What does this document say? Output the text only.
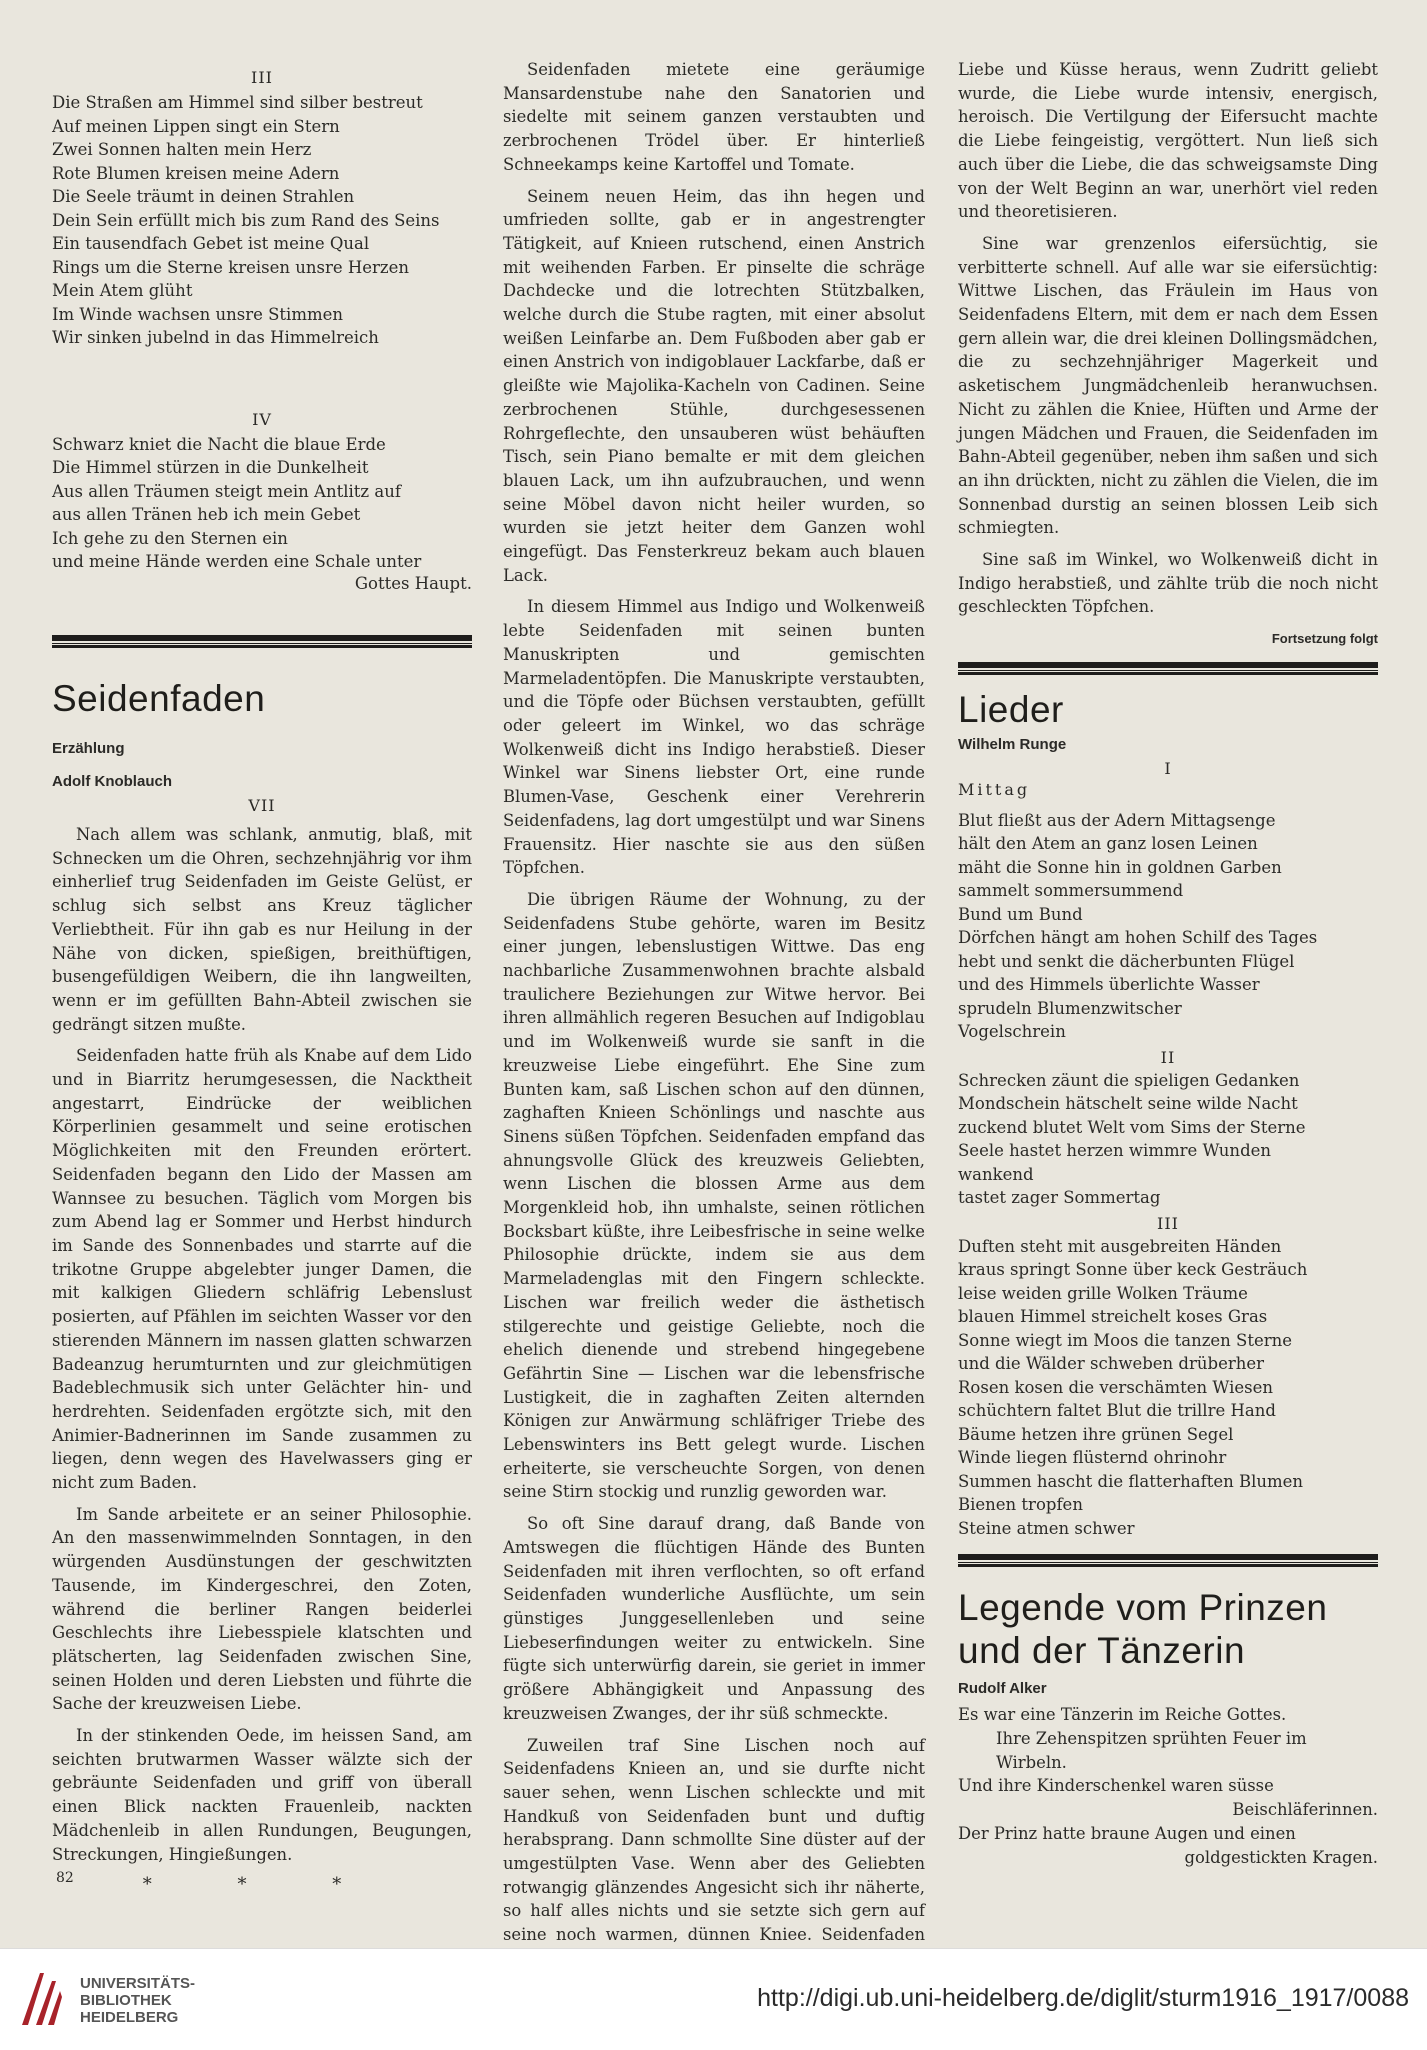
III
Die Straßen am Himmel sind silber bestreut
Auf meinen Lippen singt ein Stern
Zwei Sonnen halten mein Herz
Rote Blumen kreisen meine Adern
Die Seele träumt in deinen Strahlen
Dein Sein erfüllt mich bis zum Rand des Seins
Ein tausendfach Gebet ist meine Qual
Rings um die Sterne kreisen unsre Herzen
Mein Atem glüht
Im Winde wachsen unsre Stimmen
Wir sinken jubelnd in das Himmelreich
IV
Schwarz kniet die Nacht die blaue Erde
Die Himmel stürzen in die Dunkelheit
Aus allen Träumen steigt mein Antlitz auf
aus allen Tränen heb ich mein Gebet
Ich gehe zu den Sternen ein
und meine Hände werden eine Schale unter
Gottes Haupt.
Seidenfaden
Erzählung
Adolf Knoblauch
VII

Nach allem was schlank, anmutig, blaß, mit Schnecken um die Ohren, sechzehnjährig vor ihm einherlief trug Seidenfaden im Geiste Gelüst, er schlug sich selbst ans Kreuz täglicher Verliebtheit. Für ihn gab es nur Heilung in der Nähe von dicken, spießigen, breithüftigen, busengefüldigen Weibern, die ihn langweilten, wenn er im gefüllten Bahn-Abteil zwischen sie gedrängt sitzen mußte.

Seidenfaden hatte früh als Knabe auf dem Lido und in Biarritz herumgesessen, die Nacktheit angestarrt, Eindrücke der weiblichen Körperlinien gesammelt und seine erotischen Möglichkeiten mit den Freunden erörtert. Seidenfaden begann den Lido der Massen am Wannsee zu besuchen. Täglich vom Morgen bis zum Abend lag er Sommer und Herbst hindurch im Sande des Sonnenbades und starrte auf die trikotne Gruppe abgelebter junger Damen, die mit kalkigen Gliedern schläfrig Lebenslust posierten, auf Pfählen im seichten Wasser vor den stierenden Männern im nassen glatten schwarzen Badeanzug herumturnten und zur gleichmütigen Badeblechmusik sich unter Gelächter hin- und herdrehten. Seidenfaden ergötzte sich, mit den Animier-Badnerinnen im Sande zusammen zu liegen, denn wegen des Havelwassers ging er nicht zum Baden.

Im Sande arbeitete er an seiner Philosophie. An den massenwimmelnden Sonntagen, in den würgenden Ausdünstungen der geschwitzten Tausende, im Kindergeschrei, den Zoten, während die berliner Rangen beiderlei Geschlechts ihre Liebesspiele klatschten und plätscherten, lag Seidenfaden zwischen Sine, seinen Holden und deren Liebsten und führte die Sache der kreuzweisen Liebe.

In der stinkenden Oede, im heissen Sand, am seichten brutwarmen Wasser wälzte sich der gebräunte Seidenfaden und griff von überall einen Blick nackten Frauenleib, nackten Mädchenleib in allen Rundungen, Beugungen, Streckungen, Hingießungen.

* * *

Seidenfaden mietete eine geräumige Mansardenstube nahe den Sanatorien und siedelte mit seinem ganzen verstaubten und zerbrochenen Trödel über. Er hinterließ Schneekamps keine Kartoffel und Tomate.

Seinem neuen Heim, das ihn hegen und umfrieden sollte, gab er in angestrengter Tätigkeit, auf Knieen rutschend, einen Anstrich mit weihenden Farben. Er pinselte die schräge Dachdecke und die lotrechten Stützbalken, welche durch die Stube ragten, mit einer absolut weißen Leinfarbe an. Dem Fußboden aber gab er einen Anstrich von indigoblauer Lackfarbe, daß er gleißte wie Majolika-Kacheln von Cadinen. Seine zerbrochenen Stühle, durchgesessenen Rohrgeflechte, den unsauberen wüst behäuften Tisch, sein Piano bemalte er mit dem gleichen blauen Lack, um ihn aufzubrauchen, und wenn seine Möbel davon nicht heiler wurden, so wurden sie jetzt heiter dem Ganzen wohl eingefügt. Das Fensterkreuz bekam auch blauen Lack.

In diesem Himmel aus Indigo und Wolkenweiß lebte Seidenfaden mit seinen bunten Manuskripten und gemischten Marmeladentöpfen. Die Manuskripte verstaubten, und die Töpfe oder Büchsen verstaubten, gefüllt oder geleert im Winkel, wo das schräge Wolkenweiß dicht ins Indigo herabstieß. Dieser Winkel war Sinens liebster Ort, eine runde Blumen-Vase, Geschenk einer Verehrerin Seidenfadens, lag dort umgestülpt und war Sinens Frauensitz. Hier naschte sie aus den süßen Töpfchen.

Die übrigen Räume der Wohnung, zu der Seidenfadens Stube gehörte, waren im Besitz einer jungen, lebenslustigen Wittwe. Das eng nachbarliche Zusammenwohnen brachte alsbald traulichere Beziehungen zur Witwe hervor. Bei ihren allmählich regeren Besuchen auf Indigoblau und im Wolkenweiß wurde sie sanft in die kreuzweise Liebe eingeführt. Ehe Sine zum Bunten kam, saß Lischen schon auf den dünnen, zaghaften Knieen Schönlings und naschte aus Sinens süßen Töpfchen. Seidenfaden empfand das ahnungsvolle Glück des kreuzweis Geliebten, wenn Lischen die blossen Arme aus dem Morgenkleid hob, ihn umhalste, seinen rötlichen Bocksbart küßte, ihre Leibesfrische in seine welke Philosophie drückte, indem sie aus dem Marmeladenglas mit den Fingern schleckte. Lischen war freilich weder die ästhetisch stilgerechte und geistige Geliebte, noch die ehelich dienende und strebend hingegebene Gefährtin Sine — Lischen war die lebensfrische Lustigkeit, die in zaghaften Zeiten alternden Königen zur Anwärmung schläfriger Triebe des Lebenswinters ins Bett gelegt wurde. Lischen erheiterte, sie verscheuchte Sorgen, von denen seine Stirn stockig und runzlig geworden war.

So oft Sine darauf drang, daß Bande von Amtswegen die flüchtigen Hände des Bunten Seidenfaden mit ihren verflochten, so oft erfand Seidenfaden wunderliche Ausflüchte, um sein günstiges Junggesellenleben und seine Liebeserfindungen weiter zu entwickeln. Sine fügte sich unterwürfig darein, sie geriet in immer größere Abhängigkeit und Anpassung des kreuzweisen Zwanges, der ihr süß schmeckte.

Zuweilen traf Sine Lischen noch auf Seidenfadens Knieen an, und sie durfte nicht sauer sehen, wenn Lischen schleckte und mit Handkuß von Seidenfaden bunt und duftig herabsprang. Dann schmollte Sine düster auf der umgestülpten Vase. Wenn aber des Geliebten rotwangig glänzendes Angesicht sich ihr näherte, so half alles nichts und sie setzte sich gern auf seine noch warmen, dünnen Kniee. Seidenfaden

Liebe und Küsse heraus, wenn Zudritt geliebt wurde, die Liebe wurde intensiv, energisch, heroisch. Die Vertilgung der Eifersucht machte die Liebe feingeistig, vergöttert. Nun ließ sich auch über die Liebe, die das schweigsamste Ding von der Welt Beginn an war, unerhört viel reden und theoretisieren.

Sine war grenzenlos eifersüchtig, sie verbitterte schnell. Auf alle war sie eifersüchtig: Wittwe Lischen, das Fräulein im Haus von Seidenfadens Eltern, mit dem er nach dem Essen gern allein war, die drei kleinen Dollingsmädchen, die zu sechzehnjähriger Magerkeit und asketischem Jungmädchenleib heranwuchsen. Nicht zu zählen die Kniee, Hüften und Arme der jungen Mädchen und Frauen, die Seidenfaden im Bahn-Abteil gegenüber, neben ihm saßen und sich an ihn drückten, nicht zu zählen die Vielen, die im Sonnenbad durstig an seinen blossen Leib sich schmiegten.

Sine saß im Winkel, wo Wolkenweiß dicht in Indigo herabstieß, und zählte trüb die noch nicht geschleckten Töpfchen.

Fortsetzung folgt
Lieder
Wilhelm Runge
I
Mittag
Blut fließt aus der Adern Mittagsenge
hält den Atem an ganz losen Leinen
mäht die Sonne hin in goldnen Garben
sammelt sommersummend
Bund um Bund
Dörfchen hängt am hohen Schilf des Tages
hebt und senkt die dächerbunten Flügel
und des Himmels überlichte Wasser
sprudeln Blumenzwitscher
Vogelschrein
II
Schrecken zäunt die spieligen Gedanken
Mondschein hätschelt seine wilde Nacht
zuckend blutet Welt vom Sims der Sterne
Seele hastet herzen wimmre Wunden
wankend
tastet zager Sommertag
III
Duften steht mit ausgebreiten Händen
kraus springt Sonne über keck Gesträuch
leise weiden grille Wolken Träume
blauen Himmel streichelt koses Gras
Sonne wiegt im Moos die tanzen Sterne
und die Wälder schweben drüberher
Rosen kosen die verschämten Wiesen
schüchtern faltet Blut die trillre Hand
Bäume hetzen ihre grünen Segel
Winde liegen flüsternd ohrinohr
Summen hascht die flatterhaften Blumen
Bienen tropfen
Steine atmen schwer
Legende vom Prinzen und der Tänzerin
Rudolf Alker
Es war eine Tänzerin im Reiche Gottes.
Ihre Zehenspitzen sprühten Feuer im Wirbeln.
Und ihre Kinderschenkel waren süsse
Beischläferinnen.
Der Prinz hatte braune Augen und einen
goldgestickten Kragen.
82
UNIVERSITÄTS-
BIBLIOTHEK
HEIDELBERG
http://digi.ub.uni-heidelberg.de/diglit/sturm1916_1917/0088
